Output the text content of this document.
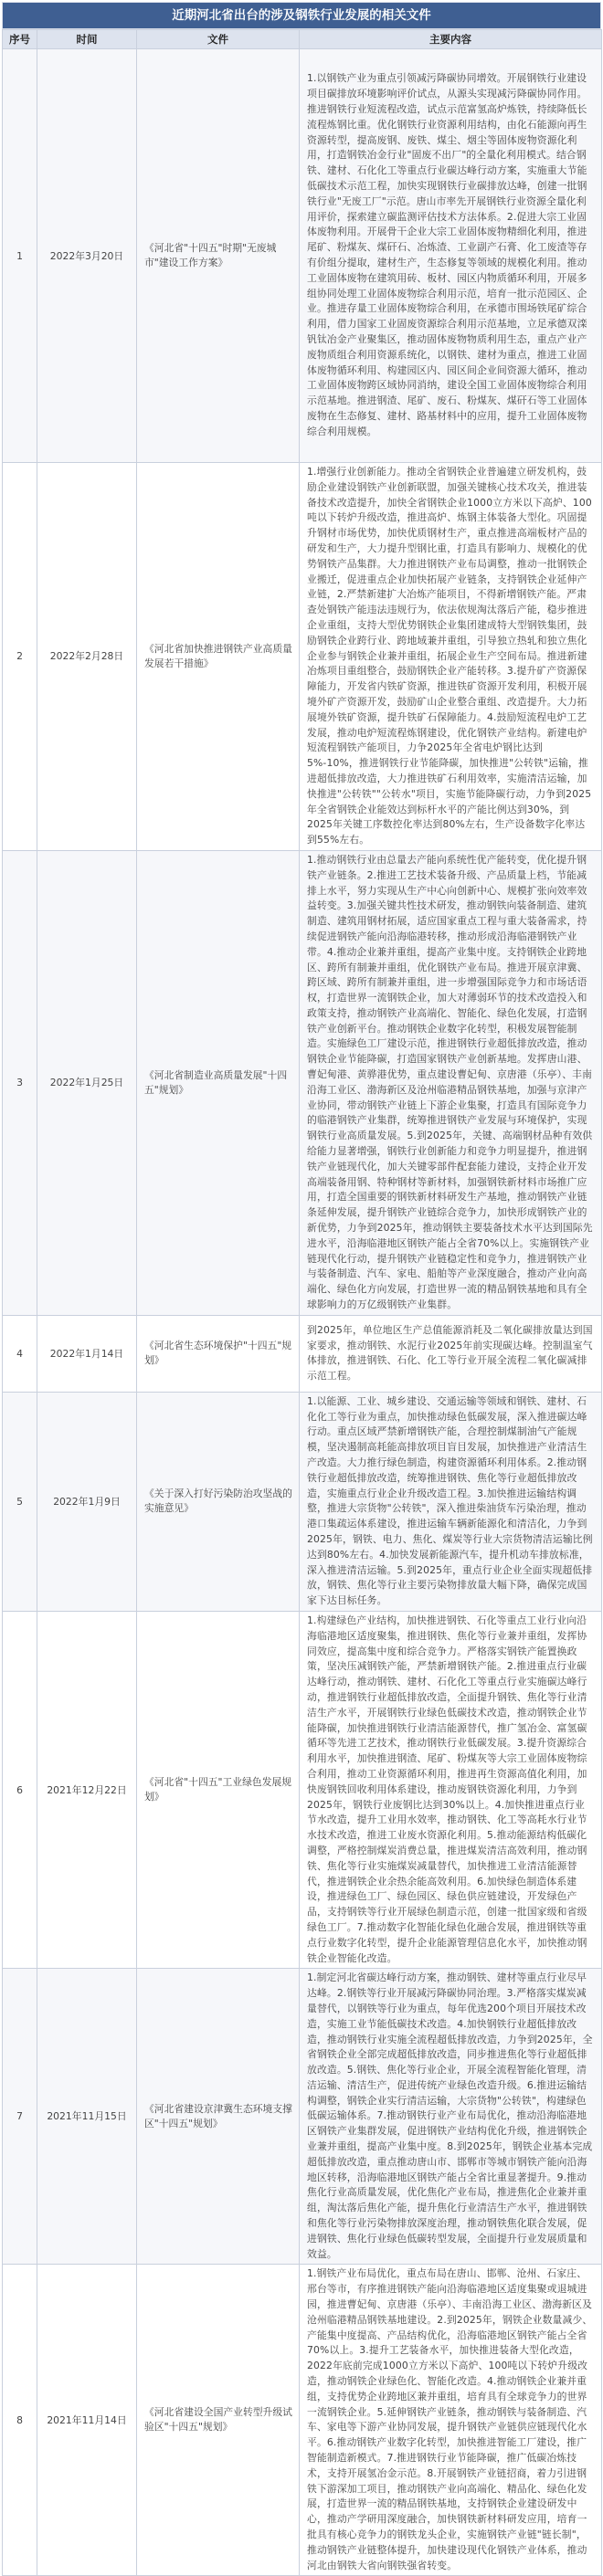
近期河北省出台的涉及钢铁行业发展的相关文件
序号	时间	文件	主要内容
1	2022年3月20日	《河北省"十四五"时期"无废城市"建设工作方案》	1.以钢铁产业为重点引领减污降碳协同增效。开展钢铁行业建设项目碳排放环境影响评价试点，从源头实现减污降碳协同作用。推进钢铁行业短流程改造，试点示范富氢高炉炼铁，持续降低长流程炼钢比重。优化钢铁行业资源利用结构，由化石能源向再生资源转型，提高废钢、废铁、煤尘、烟尘等固体废物资源化利用，打造钢铁冶金行业"固废不出厂"的全量化利用模式。结合钢铁、建材、石化化工等重点行业碳达峰行动方案，实施重大节能低碳技术示范工程，加快实现钢铁行业碳排放达峰，创建一批钢铁行业"无废工厂"示范。唐山市率先开展钢铁行业资源全量化利用评价，探索建立碳监测评估技术方法体系。2.促进大宗工业固体废物利用。开展骨干企业大宗工业固体废物精细化利用，推进尾矿、粉煤灰、煤矸石、冶炼渣、工业副产石膏、化工废渣等存有价组分提取，建材生产，生态修复等领域的规模化利用。推动工业固体废物在建筑用砖、板材、园区内物质循环利用，开展多组协同处理工业固体废物综合利用示范，培育一批示范园区、企业。推进存量工业固体废物综合利用，在承德市围场铁尾矿综合利用，借力国家工业固废资源综合利用示范基地，立足承德双滦钒钛冶金产业聚集区，推动固体废物物质利用生态，重点产业产废物质组合利用资源系统化，以钢铁、建材为重点，推进工业固体废物循环利用、构建园区内、园区间企业间资源大循环，推动工业固体废物跨区域协同消纳，建设全国工业固体废物综合利用示范基地。推进钢渣、尾矿、废石、粉煤灰、煤矸石等工业固体废物在生态修复、建材、路基材料中的应用，提升工业固体废物综合利用规模。
2	2022年2月28日	《河北省加快推进钢铁产业高质量发展若干措施》	1.增强行业创新能力。推动全省钢铁企业普遍建立研发机构，鼓励企业建设钢铁产业创新联盟，加强关键核心技术攻关，推进装备技术改造提升，加快全省钢铁企业1000立方米以下高炉、100吨以下转炉升级改造，推进高炉、炼钢主体装备大型化。巩固提升钢材市场优势，加快优质钢材生产，重点推进高端板材产品的研发和生产，大力提升型钢比重，打造具有影响力、规模化的优势钢铁产品集群。大力推进钢铁产业布局调整，推动一批钢铁企业搬迁，促进重点企业加快拓展产业链条，支持钢铁企业延伸产业链，2.严禁新建扩大冶炼产能项目，不得新增钢铁产能。严肃查处钢铁产能违法违规行为，依法依规淘汰落后产能，稳步推进企业重组，支持大型优势钢铁企业集团建成特大型钢铁集团，鼓励钢铁企业跨行业、跨地域兼并重组，引导独立热轧和独立焦化企业参与钢铁企业兼并重组，拓展企业生产空间布局。推进新建冶炼项目重组整合，鼓励钢铁企业产能转移。3.提升矿产资源保障能力，开发省内铁矿资源，推进铁矿资源开发利用，积极开展境外矿产资源开发，鼓励矿山企业整合重组、改造提升。大力拓展境外铁矿资源，提升铁矿石保障能力。4.鼓励短流程电炉工艺发展，推动电炉短流程炼钢建设，优化钢铁产业结构。新建电炉短流程钢铁产能项目，力争2025年全省电炉钢比达到5%-10%，推进钢铁行业节能降碳，加快推进"公转铁"运输，推进超低排放改造，大力推进铁矿石利用效率，实施清洁运输，加快推进"公转铁""公转水"项目，实施节能降碳行动，力争到2025年全省钢铁企业能效达到标杆水平的产能比例达到30%，到2025年关键工序数控化率达到80%左右，生产设备数字化率达到55%左右。
3	2022年1月25日	《河北省制造业高质量发展"十四五"规划》	1.推动钢铁行业由总量去产能向系统性优产能转变，优化提升钢铁产业链条。2.推进工艺技术装备升级、产品质量上档，节能减排上水平，努力实现从生产中心向创新中心、规模扩张向效率效益转变。3.加强关键共性技术研发，推动钢铁向装备制造、建筑制造、建筑用钢材拓展，适应国家重点工程与重大装备需求，持续促进钢铁产能向沿海临港转移，推动形成沿海临港钢铁产业带。4.推动企业兼并重组，提高产业集中度。支持钢铁企业跨地区、跨所有制兼并重组，优化钢铁产业布局。推进开展京津冀、跨区域、跨所有制兼并重组，进一步增强国际竞争力和市场话语权，打造世界一流钢铁企业，加大对薄弱环节的技术改造投入和政策支持，推动钢铁产业高端化、智能化、绿色化发展，打造钢铁产业创新平台。推动钢铁企业数字化转型，积极发展智能制造。实施绿色工厂建设示范，推进钢铁行业超低排放改造，推动钢铁企业节能降碳，打造国家钢铁产业创新基地。发挥唐山港、曹妃甸港、黄骅港优势，重点建设曹妃甸、京唐港（乐亭）、丰南沿海工业区、渤海新区及沧州临港精品钢铁基地，加强与京津产业协同，带动钢铁产业链上下游企业集聚，打造具有国际竞争力的临港钢铁产业集群，统筹推进钢铁产业发展与环境保护，实现钢铁行业高质量发展。5.到2025年，关键、高端钢材品种有效供给能力显著增强，钢铁行业创新能力和竞争力明显提升，推进钢铁产业链现代化，加大关键零部件配套能力建设，支持企业开发高端装备用钢、特种钢材等新材料，加强钢铁新材料市场推广应用，打造全国重要的钢铁新材料研发生产基地，推动钢铁产业链条延伸发展，提升钢铁产业链综合竞争力，加快形成钢铁产业的新优势，力争到2025年，推动钢铁主要装备技术水平达到国际先进水平，沿海临港地区钢铁产能占全省70%以上。实施钢铁产业链现代化行动，提升钢铁产业链稳定性和竞争力，推进钢铁产业与装备制造、汽车、家电、船舶等产业深度融合，推动产业向高端化、绿色化方向发展，打造世界一流的精品钢铁基地和具有全球影响力的万亿级钢铁产业集群。
4	2022年1月14日	《河北省生态环境保护"十四五"规划》	到2025年，单位地区生产总值能源消耗及二氧化碳排放量达到国家要求，推动钢铁、水泥行业2025年前实现碳达峰。控制温室气体排放，推进钢铁、石化、化工等行业开展全流程二氧化碳减排示范工程。
5	2022年1月9日	《关于深入打好污染防治攻坚战的实施意见》	1.以能源、工业、城乡建设、交通运输等领域和钢铁、建材、石化化工等行业为重点，加快推动绿色低碳发展，深入推进碳达峰行动。重点区域严禁新增钢铁产能，合理控制煤制油气产能规模，坚决遏制高耗能高排放项目盲目发展，加快推进产业清洁生产改造。大力推行绿色制造，构建资源循环利用体系。2.推动钢铁行业超低排放改造，统筹推进钢铁、焦化等行业超低排放改造，实施重点行业企业升级改造工程。3.加快推进运输结构调整，推进大宗货物"公转铁"，深入推进柴油货车污染治理，推动港口集疏运体系建设，推进运输车辆新能源化和清洁化，力争到2025年，钢铁、电力、焦化、煤炭等行业大宗货物清洁运输比例达到80%左右。4.加快发展新能源汽车，提升机动车排放标准，深入推进清洁运输。5.到2025年，重点行业企业全面实现超低排放，钢铁、焦化等行业主要污染物排放量大幅下降，确保完成国家下达目标任务。
6	2021年12月22日	《河北省"十四五"工业绿色发展规划》	1.构建绿色产业结构，加快推进钢铁、石化等重点工业行业向沿海临港地区适度聚集，推进钢铁、焦化等行业兼并重组，发挥协同效应，提高集中度和综合竞争力。严格落实钢铁产能置换政策，坚决压减钢铁产能，严禁新增钢铁产能。2.推进重点行业碳达峰行动，推动钢铁、建材、石化化工等重点行业实施碳达峰行动，推进钢铁行业超低排放改造，全面提升钢铁、焦化等行业清洁生产水平，开展钢铁行业绿色低碳技术改造，推动钢铁企业节能降碳，加快推进钢铁行业清洁能源替代，推广氢冶金、富氢碳循环等先进工艺技术，推动钢铁行业低碳发展。3.提升资源综合利用水平，加快推进钢渣、尾矿、粉煤灰等大宗工业固体废物综合利用，推动工业资源循环利用，推进再生资源高值化利用，加快废钢铁回收利用体系建设，推动废钢铁资源化利用，力争到2025年，钢铁行业废钢比达到30%以上。4.加快推进重点行业节水改造，提升工业用水效率，推动钢铁、化工等高耗水行业节水技术改造，推进工业废水资源化利用。5.推动能源结构低碳化调整，严格控制煤炭消费总量，推进煤炭清洁高效利用，推动钢铁、焦化等行业实施煤炭减量替代，加快推进工业清洁能源替代，推进钢铁企业余热余能高效利用。6.加快绿色制造体系建设，推进绿色工厂、绿色园区、绿色供应链建设，开发绿色产品，支持钢铁等行业开展绿色制造示范，创建一批国家级和省级绿色工厂。7.推动数字化智能化绿色化融合发展，推进钢铁等重点行业数字化转型，提升企业能源管理信息化水平，加快推动钢铁企业智能化改造。
7	2021年11月15日	《河北省建设京津冀生态环境支撑区"十四五"规划》	1.制定河北省碳达峰行动方案，推动钢铁、建材等重点行业尽早达峰。2.钢铁等行业开展减污降碳协同治理。3.严格落实煤炭减量替代，以钢铁等行业为重点，每年优选200个项目开展技术改造，实施工业节能低碳技术改造。4.加快钢铁行业超低排放改造，推动钢铁行业实施全流程超低排放改造，力争到2025年，全省钢铁企业全部完成超低排放改造，同步推进焦化等行业超低排放改造。5.钢铁、焦化等行业企业，开展全流程智能化管理，清洁运输、清洁生产，促进传统产业绿色改造升级。6.推进运输结构调整，钢铁企业实行清洁运输，大宗货物"公转铁"，构建绿色低碳运输体系。7.推动钢铁行业产业布局优化，推动沿海临港地区钢铁产业集群发展，促进钢铁产业结构优化升级，推进钢铁企业兼并重组，提高产业集中度。8.到2025年，钢铁企业基本完成超低排放改造，重点推动唐山市、邯郸市等城市钢铁产能向沿海地区转移，沿海临港地区钢铁产能占全省比重显著提升。9.推动焦化行业高质量发展，优化焦化产业布局，推进焦化企业兼并重组，淘汰落后焦化产能，提升焦化行业清洁生产水平，推进钢铁和焦化等行业污染物排放深度治理，推动钢铁焦化联合发展，促进钢铁、焦化行业绿色低碳转型发展，全面提升行业发展质量和效益。
8	2021年11月14日	《河北省建设全国产业转型升级试验区"十四五"规划》	1.钢铁产业布局优化，重点布局在唐山、邯郸、沧州、石家庄、邢台等市，有序推进钢铁产能向沿海临港地区适度集聚或退城进园，推进曹妃甸、京唐港（乐亭）、丰南沿海工业区、渤海新区及沧州临港精品钢铁基地建设。2.到2025年，钢铁企业数量减少、产能集中度提高、产品结构优化，沿海临港地区钢铁产能占全省70%以上。3.提升工艺装备水平，加快推进装备大型化改造，2022年底前完成1000立方米以下高炉、100吨以下转炉升级改造，推动钢铁企业绿色化、智能化改造。4.推动钢铁企业兼并重组，支持优势企业跨地区兼并重组，培育具有全球竞争力的世界一流钢铁企业。5.延伸钢铁产业链条，推动钢铁与装备制造、汽车、家电等下游产业协同发展，提升钢铁产业链供应链现代化水平。6.推动钢铁产业数字化转型，加快推进智能工厂建设，推广智能制造新模式。7.推进钢铁行业节能降碳，推广低碳冶炼技术，支持开展氢冶金示范。8.开展钢铁产业链招商，着力引进钢铁下游深加工项目，推动钢铁产业向高端化、精品化、绿色化发展，打造世界一流的精品钢铁基地，支持钢铁企业建设研发中心，推动产学研用深度融合，加快钢铁新材料研发应用，培育一批具有核心竞争力的钢铁龙头企业，实施钢铁产业链"链长制"，推动钢铁产业链整体提升，加快建设现代化钢铁产业体系，推动河北由钢铁大省向钢铁强省转变。
